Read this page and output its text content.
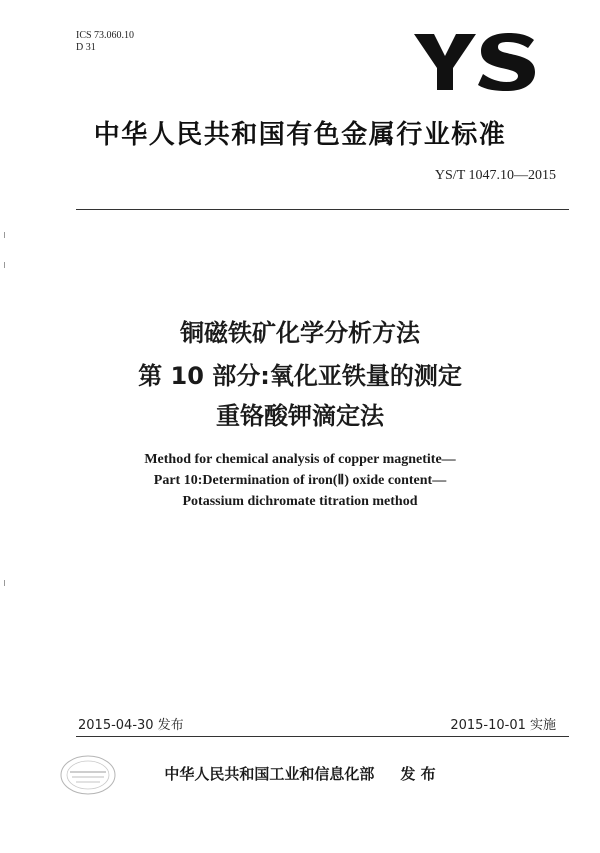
ICS 73.060.10
D 31
中华人民共和国有色金属行业标准
YS/T 1047.10—2015
铜磁铁矿化学分析方法
第 10 部分:氧化亚铁量的测定
重铬酸钾滴定法
Method for chemical analysis of copper magnetite—
Part 10:Determination of iron(Ⅱ) oxide content—
Potassium dichromate titration method
2015-04-30 发布	2015-10-01 实施
中华人民共和国工业和信息化部 发 布
